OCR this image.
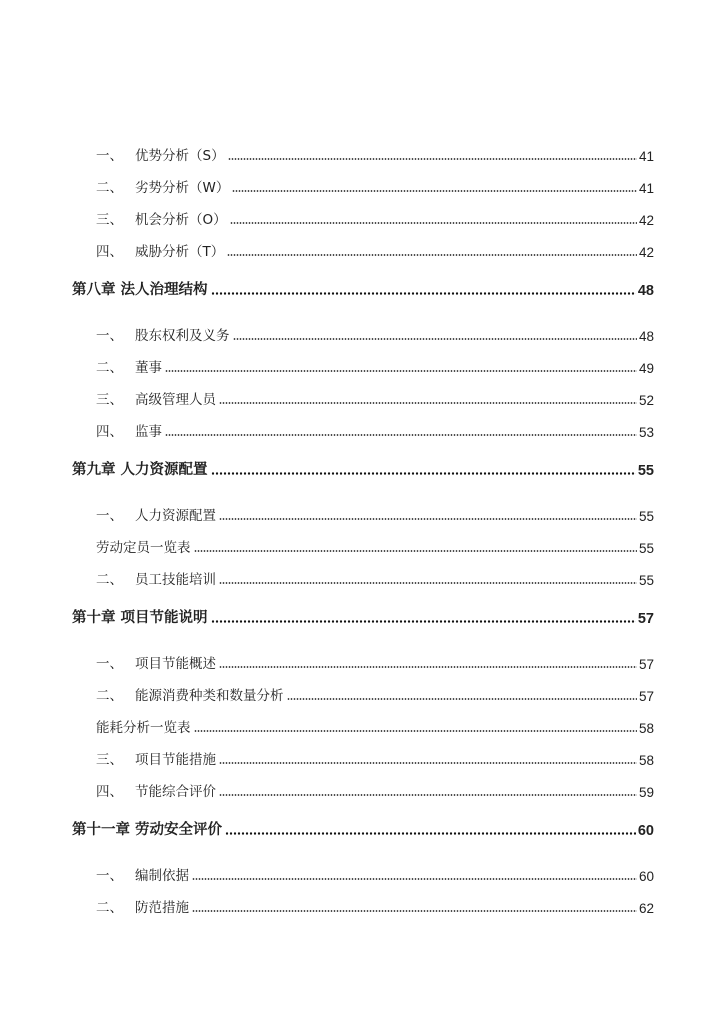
一、 优势分析（S）	41
二、 劣势分析（W）	41
三、 机会分析（O）	42
四、 威胁分析（T）	42
第八章 法人治理结构	48
一、 股东权利及义务	48
二、 董事	49
三、 高级管理人员	52
四、 监事	53
第九章 人力资源配置	55
一、 人力资源配置	55
劳动定员一览表	55
二、 员工技能培训	55
第十章 项目节能说明	57
一、 项目节能概述	57
二、 能源消费种类和数量分析	57
能耗分析一览表	58
三、 项目节能措施	58
四、 节能综合评价	59
第十一章 劳动安全评价	60
一、 编制依据	60
二、 防范措施	62
